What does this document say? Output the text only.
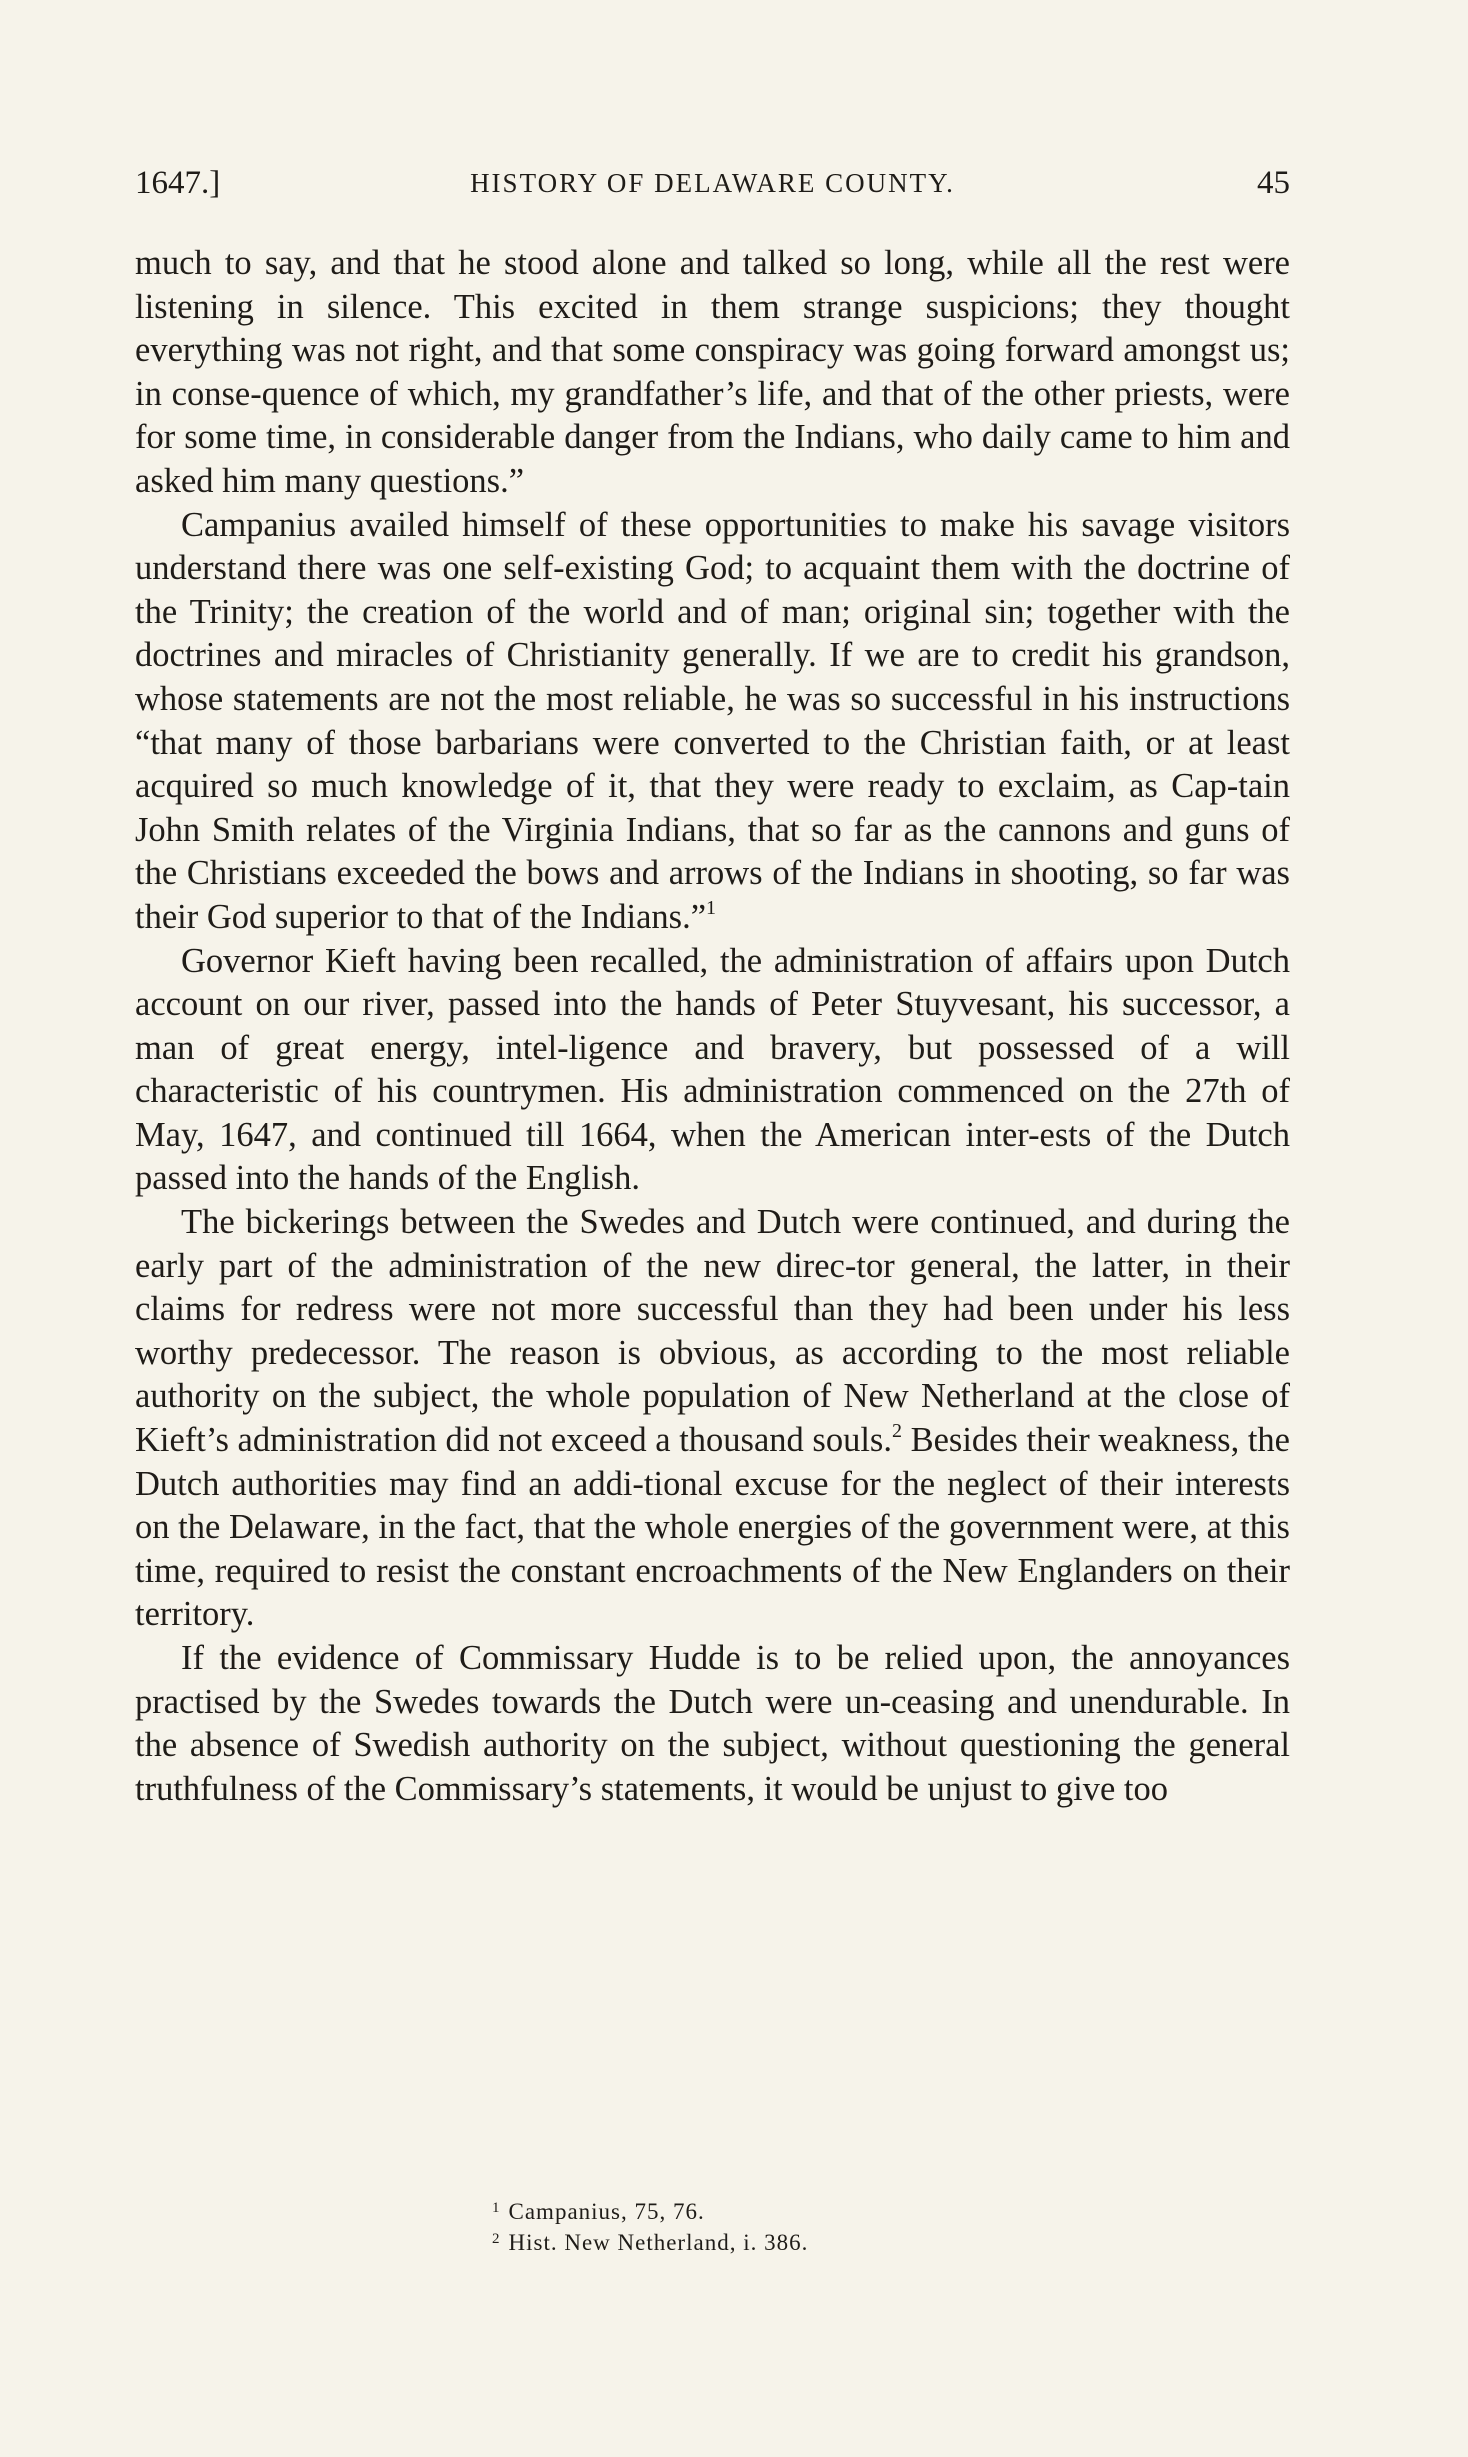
1647.]	HISTORY OF DELAWARE COUNTY.	45

much to say, and that he stood alone and talked so long, while all the rest were listening in silence. This excited in them strange suspicions; they thought everything was not right, and that some conspiracy was going forward amongst us; in conse-quence of which, my grandfather’s life, and that of the other priests, were for some time, in considerable danger from the Indians, who daily came to him and asked him many questions.”

Campanius availed himself of these opportunities to make his savage visitors understand there was one self-existing God; to acquaint them with the doctrine of the Trinity; the creation of the world and of man; original sin; together with the doctrines and miracles of Christianity generally. If we are to credit his grandson, whose statements are not the most reliable, he was so successful in his instructions “that many of those barbarians were converted to the Christian faith, or at least acquired so much knowledge of it, that they were ready to exclaim, as Cap-tain John Smith relates of the Virginia Indians, that so far as the cannons and guns of the Christians exceeded the bows and arrows of the Indians in shooting, so far was their God superior to that of the Indians.”$^1$

Governor Kieft having been recalled, the administration of affairs upon Dutch account on our river, passed into the hands of Peter Stuyvesant, his successor, a man of great energy, intel-ligence and bravery, but possessed of a will characteristic of his countrymen. His administration commenced on the 27th of May, 1647, and continued till 1664, when the American inter-ests of the Dutch passed into the hands of the English.

The bickerings between the Swedes and Dutch were continued, and during the early part of the administration of the new direc-tor general, the latter, in their claims for redress were not more successful than they had been under his less worthy predecessor. The reason is obvious, as according to the most reliable authority on the subject, the whole population of New Netherland at the close of Kieft’s administration did not exceed a thousand souls.$^2$ Besides their weakness, the Dutch authorities may find an addi-tional excuse for the neglect of their interests on the Delaware, in the fact, that the whole energies of the government were, at this time, required to resist the constant encroachments of the New Englanders on their territory.

If the evidence of Commissary Hudde is to be relied upon, the annoyances practised by the Swedes towards the Dutch were un-ceasing and unendurable. In the absence of Swedish authority on the subject, without questioning the general truthfulness of the Commissary’s statements, it would be unjust to give too

$^1$ Campanius, 75, 76.
$^2$ Hist. New Netherland, i. 386.
